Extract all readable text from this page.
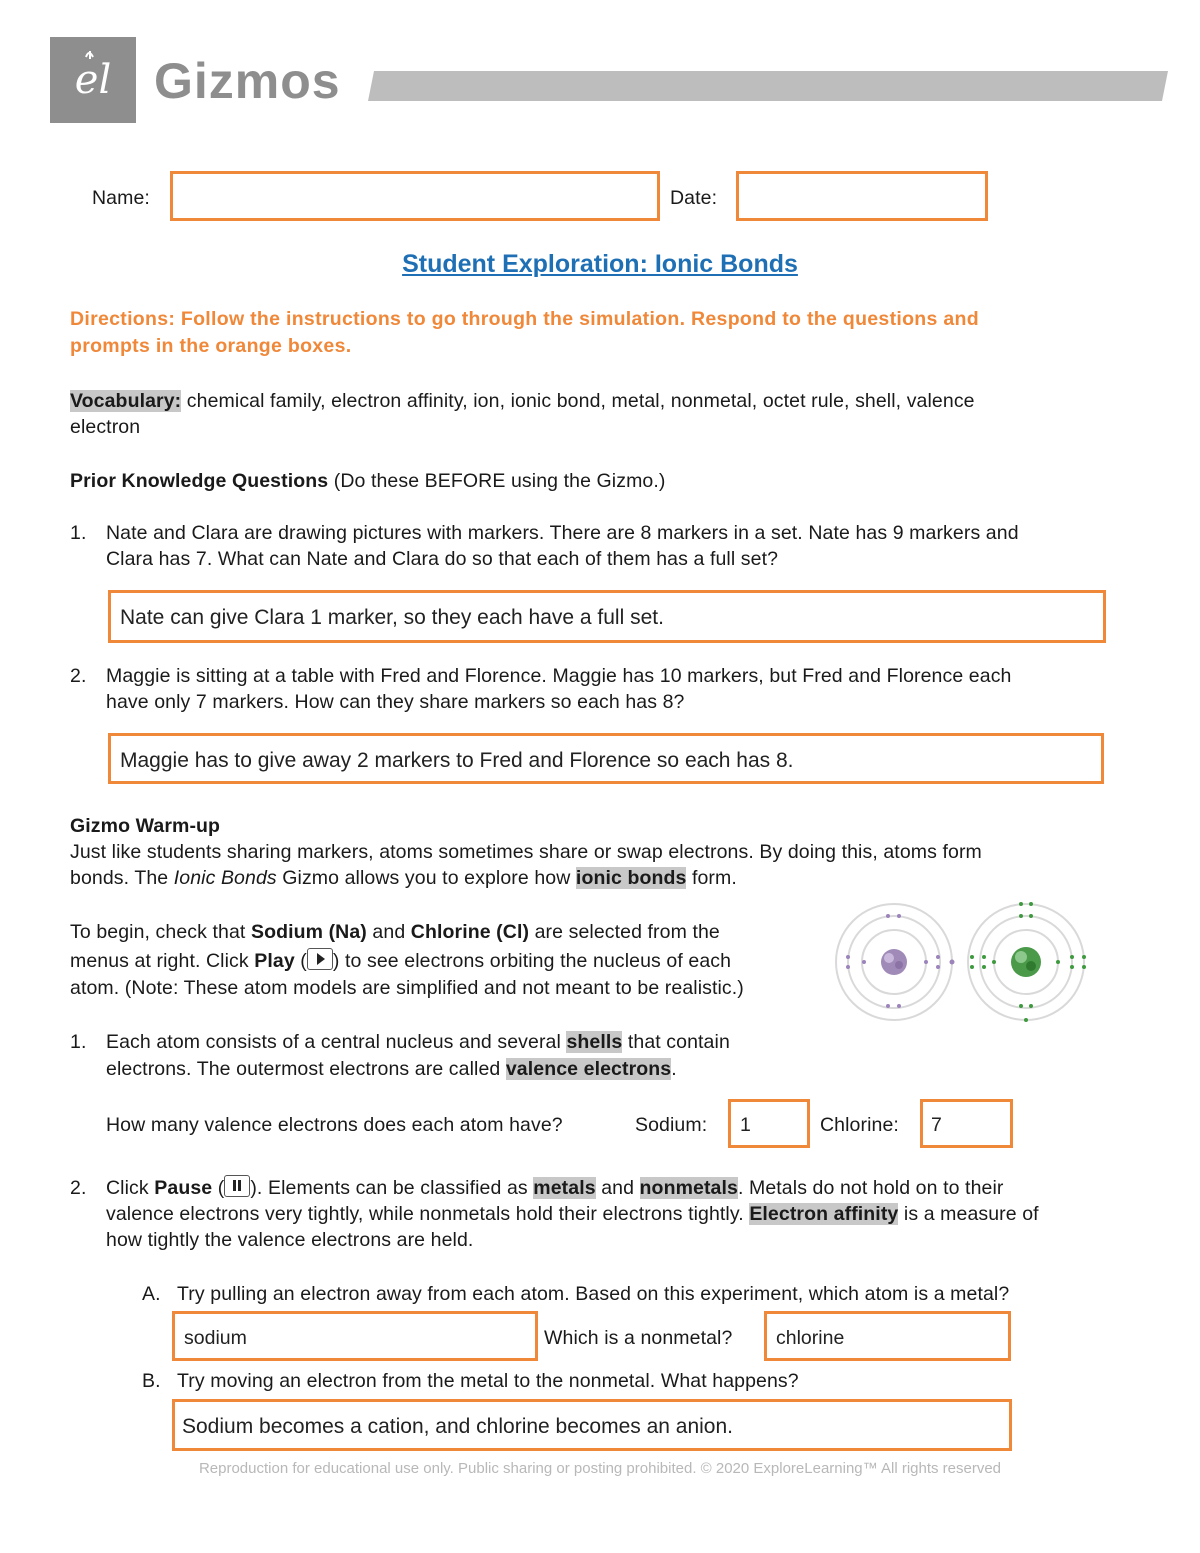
el Gizmos
Name:	Date:
Student Exploration: Ionic Bonds
Directions: Follow the instructions to go through the simulation. Respond to the questions and
prompts in the orange boxes.
Vocabulary: chemical family, electron affinity, ion, ionic bond, metal, nonmetal, octet rule, shell, valence
electron
Prior Knowledge Questions (Do these BEFORE using the Gizmo.)
1. Nate and Clara are drawing pictures with markers. There are 8 markers in a set. Nate has 9 markers and
Clara has 7. What can Nate and Clara do so that each of them has a full set?
Nate can give Clara 1 marker, so they each have a full set.
2. Maggie is sitting at a table with Fred and Florence. Maggie has 10 markers, but Fred and Florence each
have only 7 markers. How can they share markers so each has 8?
Maggie has to give away 2 markers to Fred and Florence so each has 8.
Gizmo Warm-up
Just like students sharing markers, atoms sometimes share or swap electrons. By doing this, atoms form
bonds. The Ionic Bonds Gizmo allows you to explore how ionic bonds form.
To begin, check that Sodium (Na) and Chlorine (Cl) are selected from the
menus at right. Click Play ( ) to see electrons orbiting the nucleus of each
atom. (Note: These atom models are simplified and not meant to be realistic.)
1. Each atom consists of a central nucleus and several shells that contain
electrons. The outermost electrons are called valence electrons.
How many valence electrons does each atom have?	Sodium: 1	Chlorine: 7
2. Click Pause ( ). Elements can be classified as metals and nonmetals. Metals do not hold on to their
valence electrons very tightly, while nonmetals hold their electrons tightly. Electron affinity is a measure of
how tightly the valence electrons are held.
A. Try pulling an electron away from each atom. Based on this experiment, which atom is a metal?
sodium	Which is a nonmetal? chlorine
B. Try moving an electron from the metal to the nonmetal. What happens?
Sodium becomes a cation, and chlorine becomes an anion.
Reproduction for educational use only. Public sharing or posting prohibited. © 2020 ExploreLearning™ All rights reserved
